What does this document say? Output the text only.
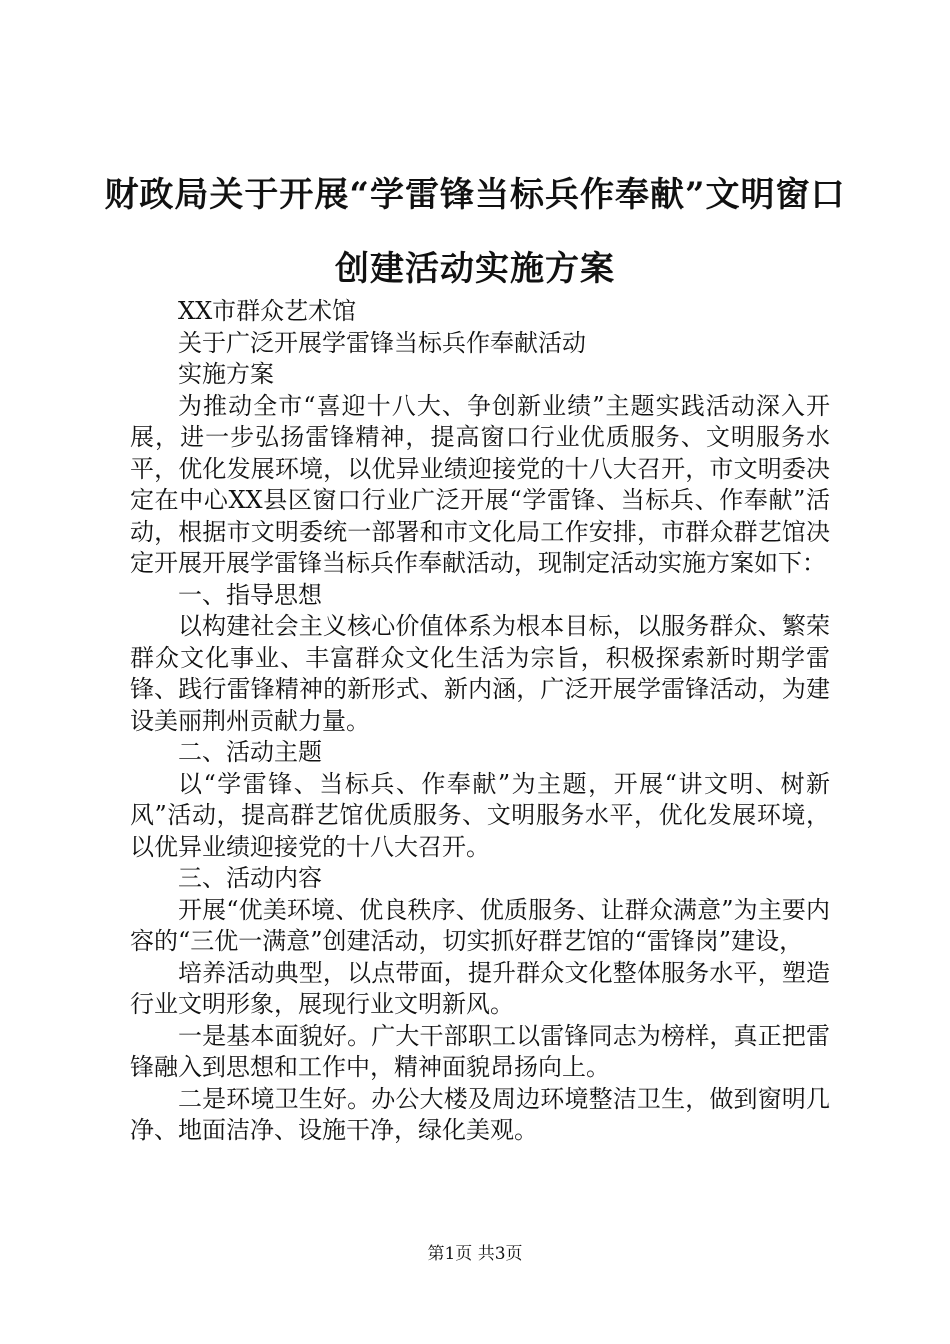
财政局关于开展“学雷锋当标兵作奉献”文明窗口创建活动实施方案

XX市群众艺术馆

关于广泛开展学雷锋当标兵作奉献活动

实施方案

为推动全市“喜迎十八大、争创新业绩”主题实践活动深入开展，进一步弘扬雷锋精神，提高窗口行业优质服务、文明服务水平，优化发展环境，以优异业绩迎接党的十八大召开，市文明委决定在中心XX县区窗口行业广泛开展“学雷锋、当标兵、作奉献”活动，根据市文明委统一部署和市文化局工作安排，市群众群艺馆决定开展开展学雷锋当标兵作奉献活动，现制定活动实施方案如下：

一、指导思想

以构建社会主义核心价值体系为根本目标，以服务群众、繁荣群众文化事业、丰富群众文化生活为宗旨，积极探索新时期学雷锋、践行雷锋精神的新形式、新内涵，广泛开展学雷锋活动，为建设美丽荆州贡献力量。

二、活动主题

以“学雷锋、当标兵、作奉献”为主题，开展“讲文明、树新风”活动，提高群艺馆优质服务、文明服务水平，优化发展环境，以优异业绩迎接党的十八大召开。

三、活动内容

开展“优美环境、优良秩序、优质服务、让群众满意”为主要内容的“三优一满意”创建活动，切实抓好群艺馆的“雷锋岗”建设，

培养活动典型，以点带面，提升群众文化整体服务水平，塑造行业文明形象，展现行业文明新风。

一是基本面貌好。广大干部职工以雷锋同志为榜样，真正把雷锋融入到思想和工作中，精神面貌昂扬向上。

二是环境卫生好。办公大楼及周边环境整洁卫生，做到窗明几净、地面洁净、设施干净，绿化美观。

第1页 共3页
